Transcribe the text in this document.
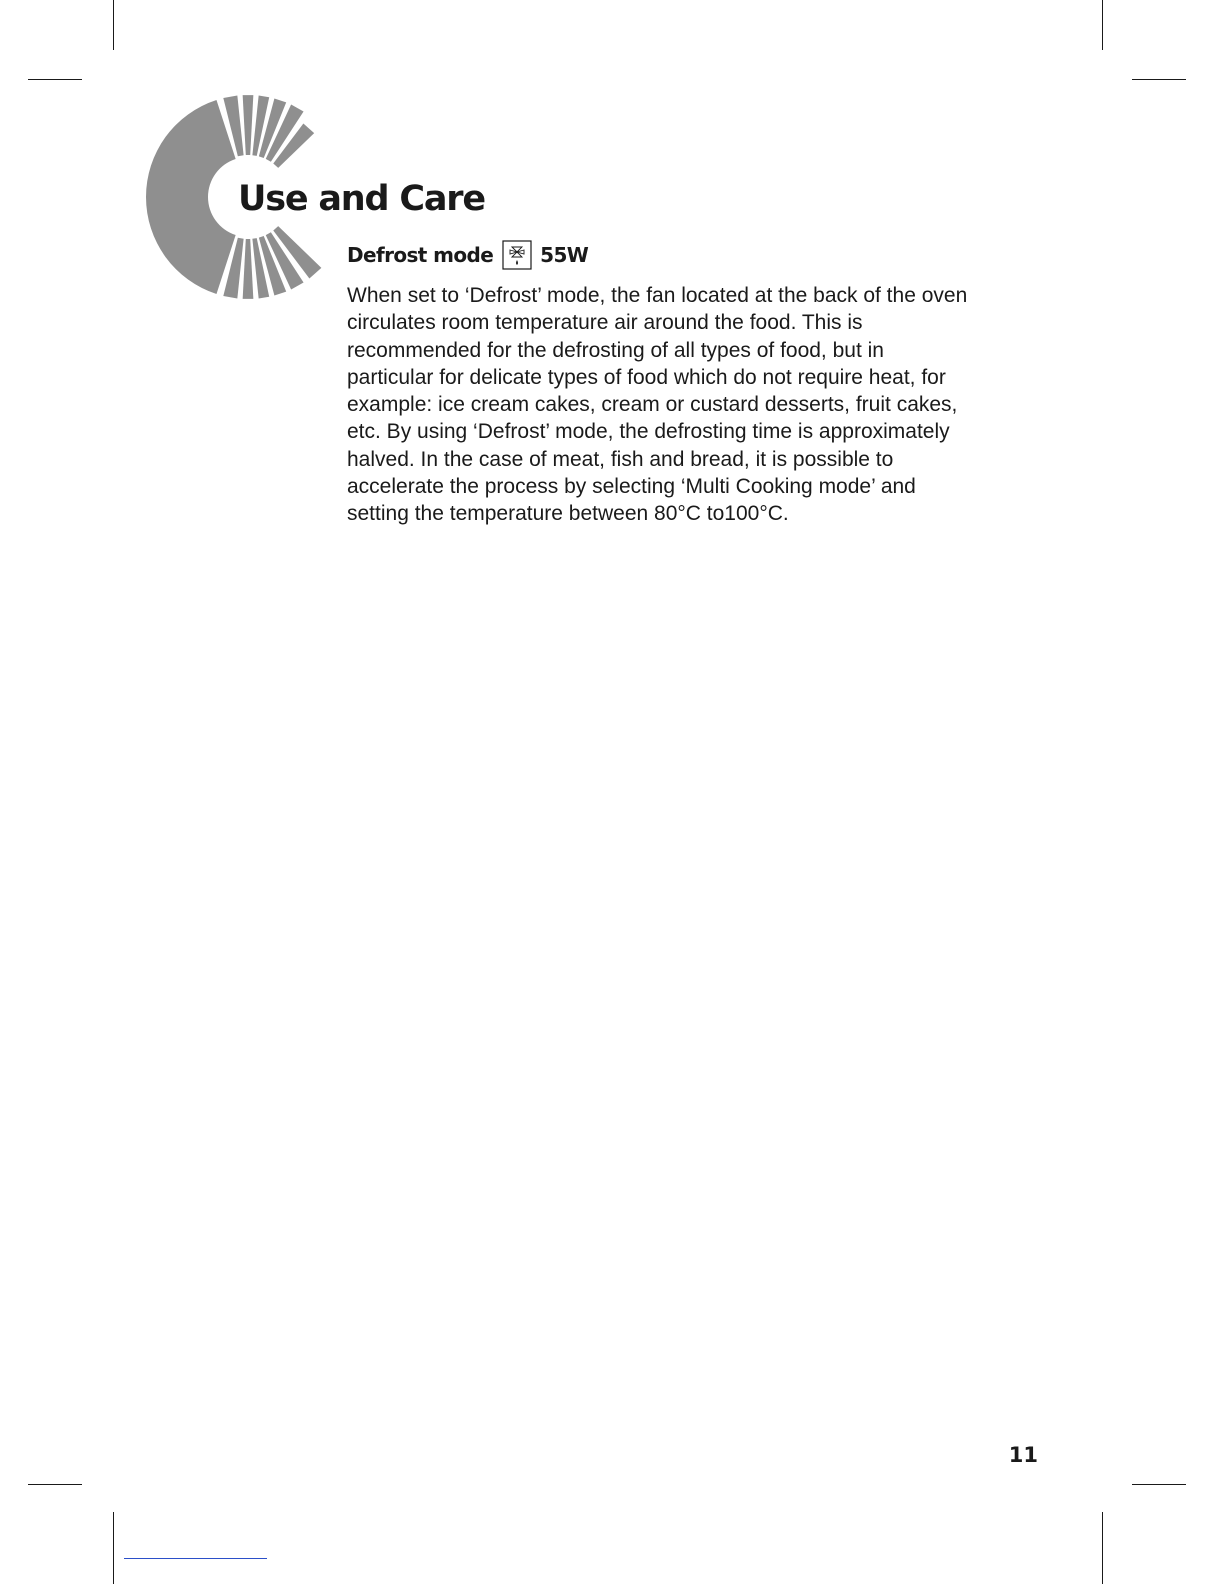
Use and Care
Defrost mode 55W

When set to ‘Defrost’ mode, the fan located at the back of the oven
circulates room temperature air around the food. This is
recommended for the defrosting of all types of food, but in
particular for delicate types of food which do not require heat, for
example: ice cream cakes, cream or custard desserts, fruit cakes,
etc. By using ‘Defrost’ mode, the defrosting time is approximately
halved. In the case of meat, fish and bread, it is possible to
accelerate the process by selecting ‘Multi Cooking mode’ and
setting the temperature between 80°C to100°C.

11
